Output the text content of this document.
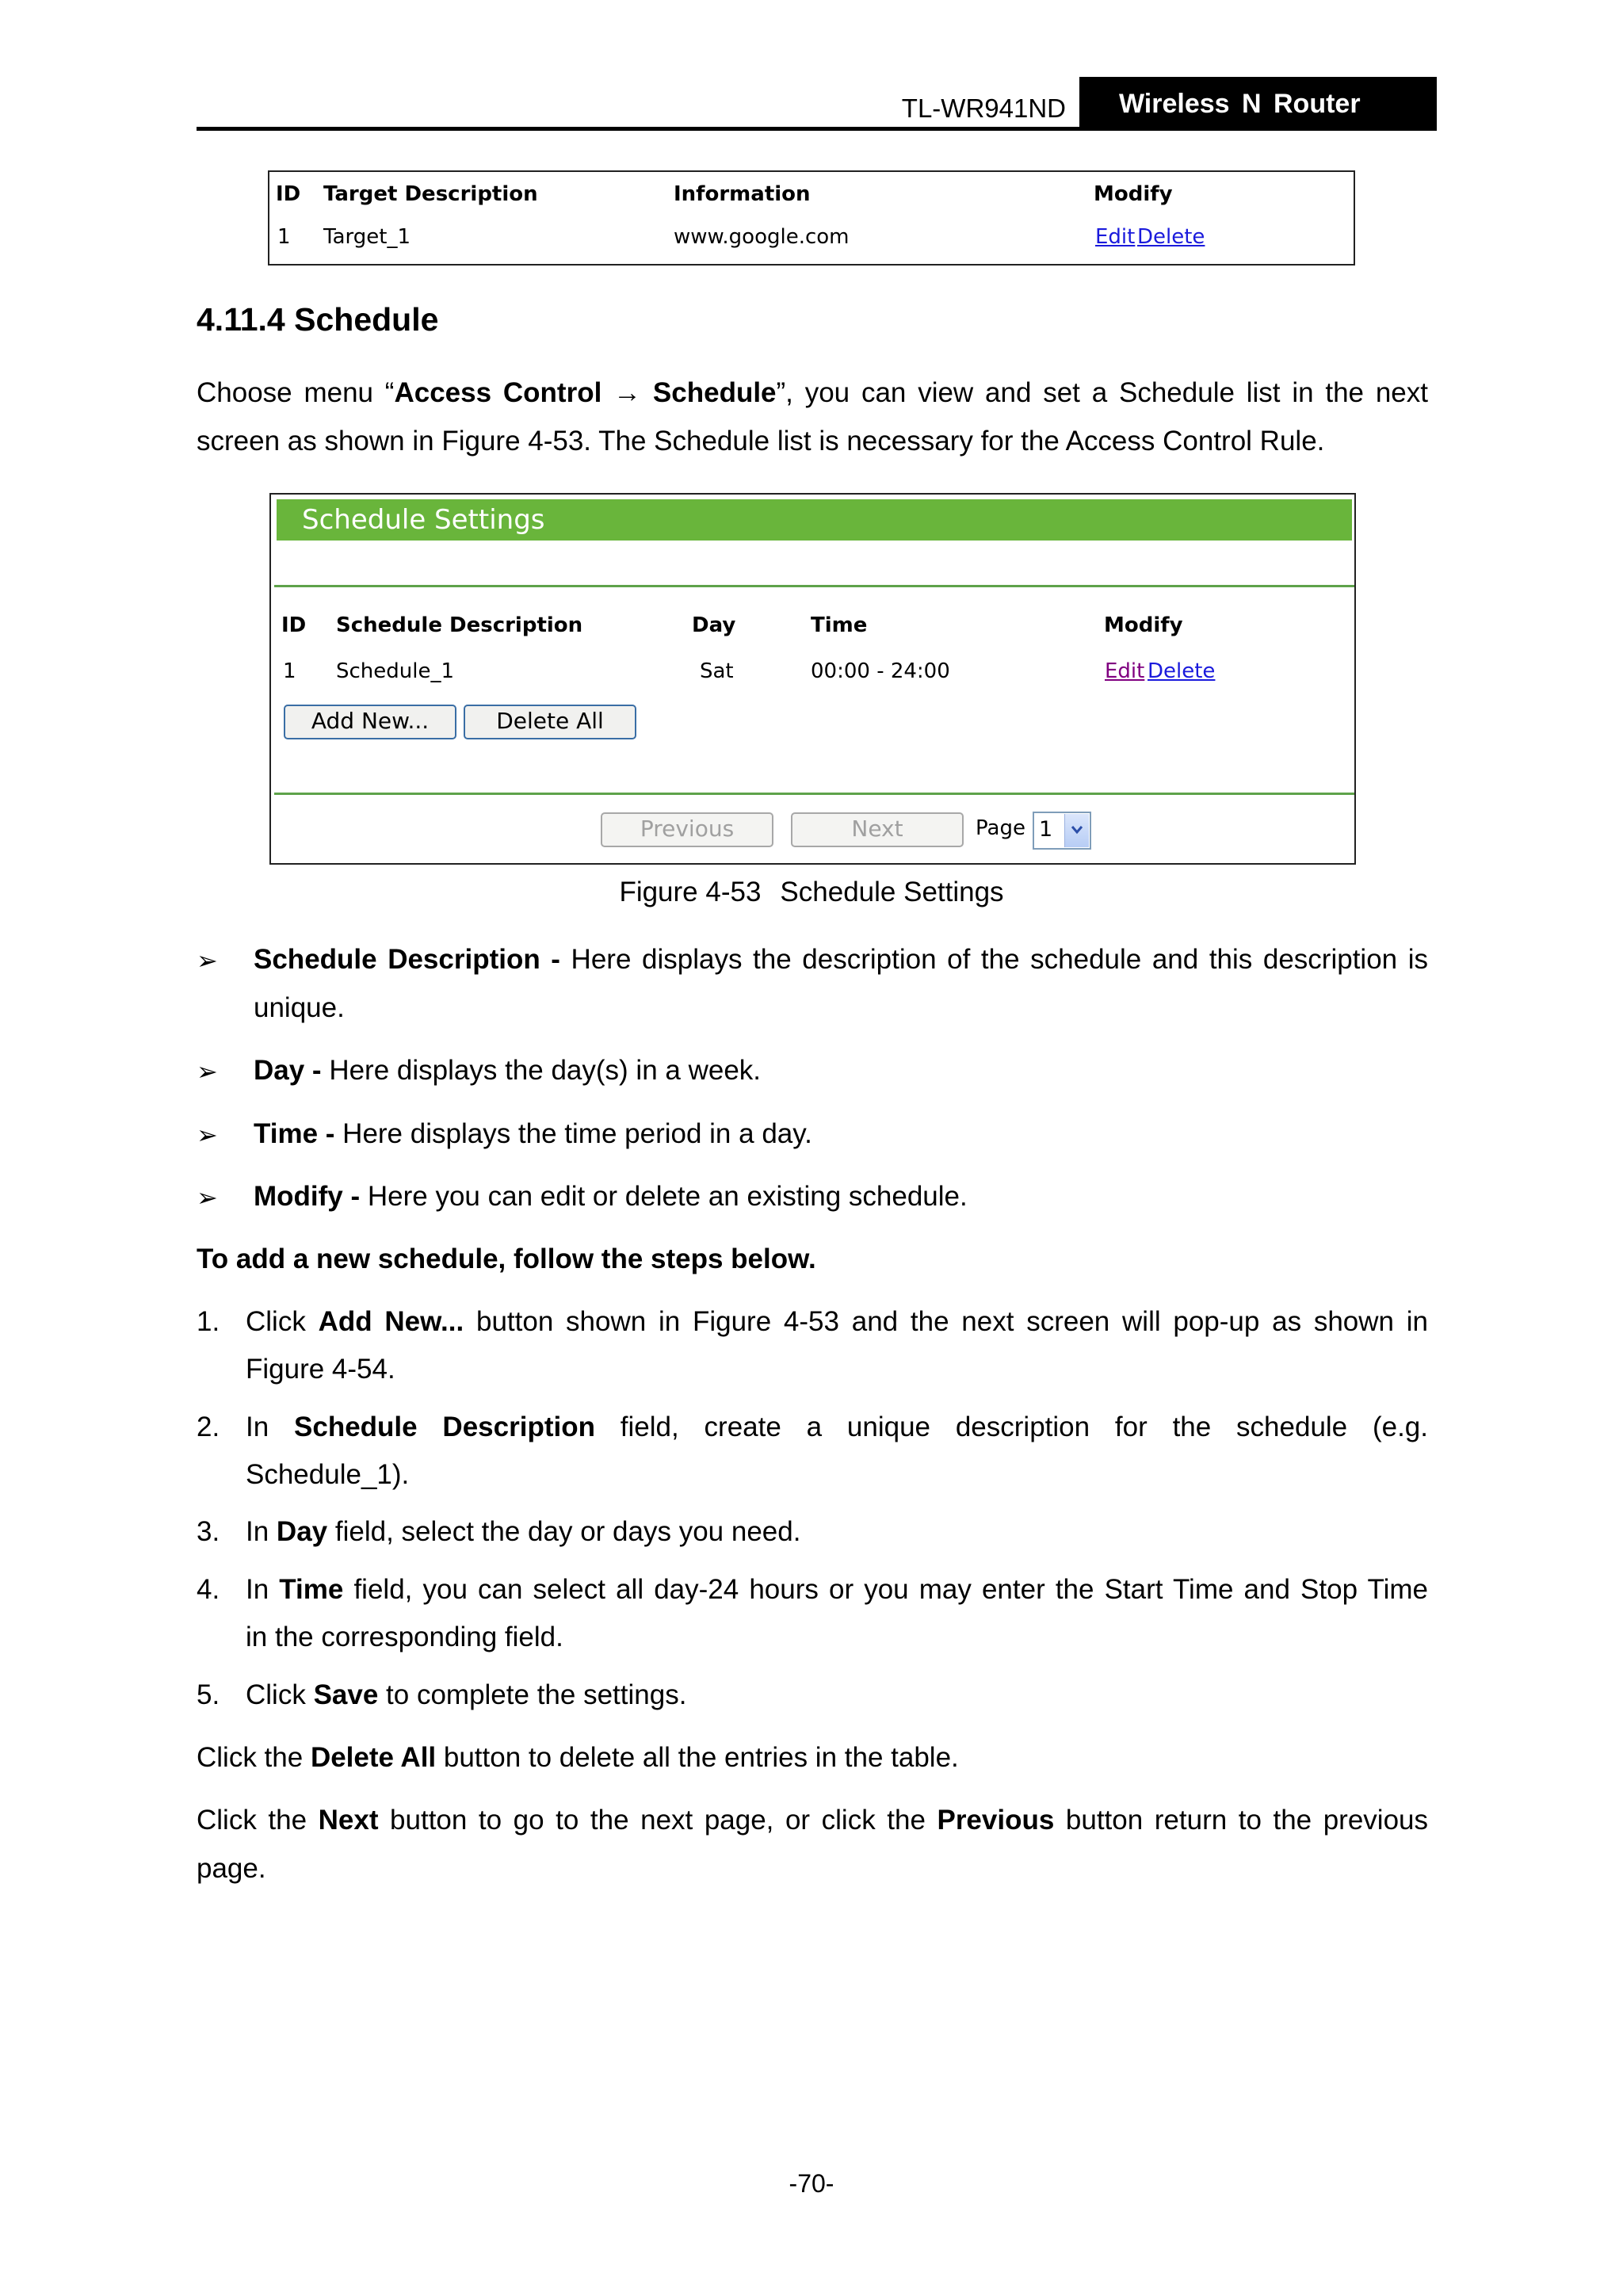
TL-WR941ND	Wireless N Router
ID Target Description	Information	Modify
1 Target_1	www.google.com	Edit Delete
4.11.4 Schedule
Choose menu “Access Control → Schedule”, you can view and set a Schedule list in the next
screen as shown in Figure 4-53. The Schedule list is necessary for the Access Control Rule.
Schedule Settings
ID Schedule Description	Day	Time	Modify
1 Schedule_1	Sat	00:00 - 24:00	Edit Delete
Add New...	Delete All
Previous	Next	Page 1
Figure 4-53 Schedule Settings
➢ Schedule Description - Here displays the description of the schedule and this description is
unique.
➢ Day - Here displays the day(s) in a week.
➢ Time - Here displays the time period in a day.
➢ Modify - Here you can edit or delete an existing schedule.
To add a new schedule, follow the steps below.
1. Click Add New... button shown in Figure 4-53 and the next screen will pop-up as shown in
Figure 4-54.
2. In Schedule Description field, create a unique description for the schedule (e.g.
Schedule_1).
3. In Day field, select the day or days you need.
4. In Time field, you can select all day-24 hours or you may enter the Start Time and Stop Time
in the corresponding field.
5. Click Save to complete the settings.
Click the Delete All button to delete all the entries in the table.
Click the Next button to go to the next page, or click the Previous button return to the previous
page.
-70-
